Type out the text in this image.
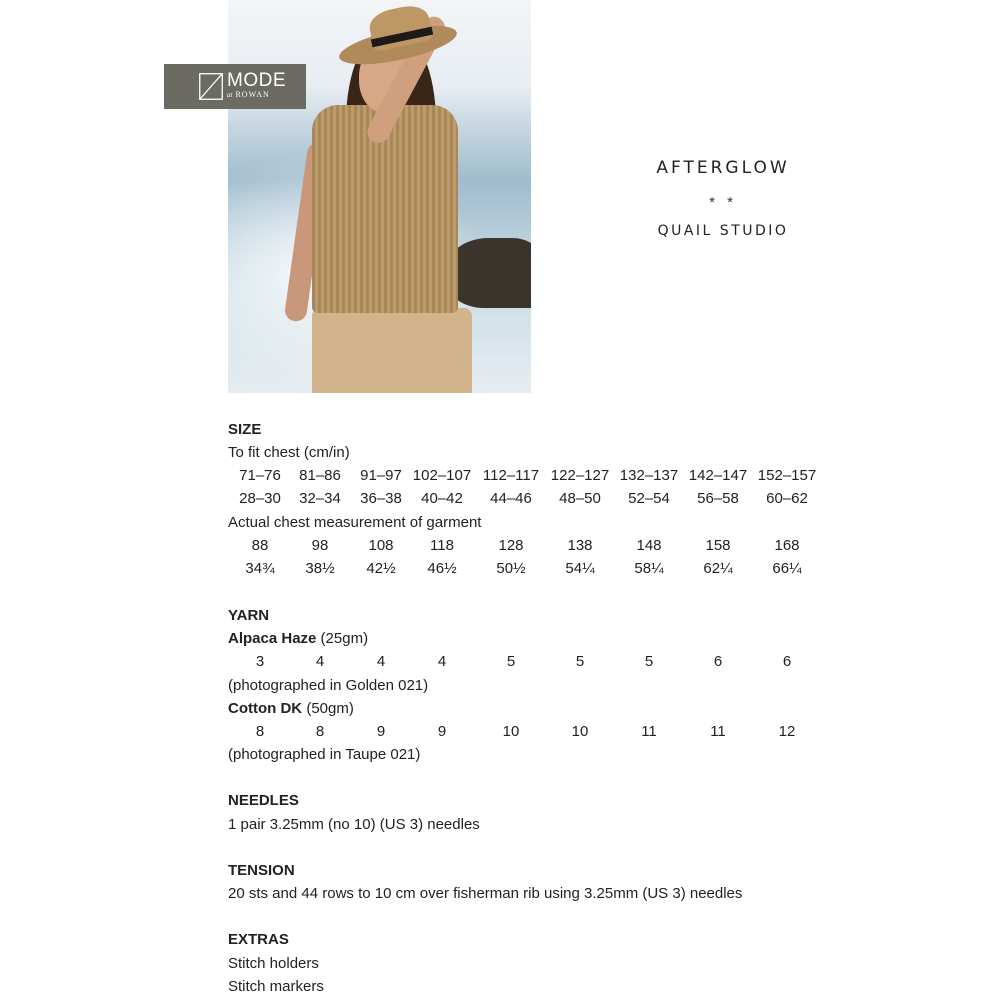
MODE
at ROWAN
AFTERGLOW
* *
QUAIL STUDIO
SIZE
To fit chest (cm/in)
71–76	81–86	91–97 102–107 112–117 122–127 132–137 142–147 152–157
28–30	32–34	36–38	40–42	44–46	48–50	52–54	56–58	60–62
Actual chest measurement of garment
88	98	108	118	128	138	148	158	168
34¾	38½	42½	46½	50½	54¼	58¼	62¼	66¼
YARN
Alpaca Haze (25gm)
3	4	4	4	5	5	5	6	6
(photographed in Golden 021)
Cotton DK (50gm)
8	8	9	9	10	10	11	11	12
(photographed in Taupe 021)
NEEDLES
1 pair 3.25mm (no 10) (US 3) needles
TENSION
20 sts and 44 rows to 10 cm over fisherman rib using 3.25mm (US 3) needles
EXTRAS
Stitch holders
Stitch markers
